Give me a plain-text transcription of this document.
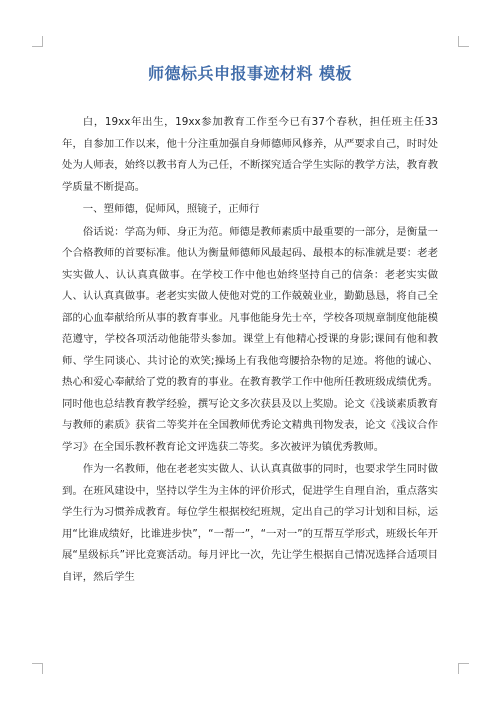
师德标兵申报事迹材料 模板

白，19xx年出生，19xx参加教育工作至今已有37个春秋，担任班主任33年，自参加工作以来，他十分注重加强自身师德师风修养，从严要求自己，时时处处为人师表，始终以教书育人为己任，不断探究适合学生实际的教学方法，教育教学质量不断提高。

一、塑师德，促师风，照镜子，正师行

俗话说：学高为师、身正为范。师德是教师素质中最重要的一部分，是衡量一个合格教师的首要标准。他认为衡量师德师风最起码、最根本的标准就是要：老老实实做人、认认真真做事。在学校工作中他也始终坚持自己的信条：老老实实做人、认认真真做事。老老实实做人使他对党的工作兢兢业业，勤勤恳恳，将自己全部的心血奉献给所从事的教育事业。凡事他能身先士卒，学校各项规章制度他能模范遵守，学校各项活动他能带头参加。课堂上有他精心授课的身影;课间有他和教师、学生同谈心、共讨论的欢笑;操场上有我他弯腰拾杂物的足迹。将他的诚心、热心和爱心奉献给了党的教育的事业。在教育教学工作中他所任教班级成绩优秀。同时他也总结教育教学经验，撰写论文多次获县及以上奖励。论文《浅谈素质教育与教师的素质》获省二等奖并在全国教师优秀论文精典刊物发表，论文《浅议合作学习》在全国乐教杯教育论文评选获二等奖。多次被评为镇优秀教师。

作为一名教师，他在老老实实做人、认认真真做事的同时，也要求学生同时做到。在班风建设中，坚持以学生为主体的评价形式，促进学生自理自治，重点落实学生行为习惯养成教育。每位学生根据校纪班规，定出自己的学习计划和目标，运用“比谁成绩好，比谁进步快”，“一帮一”，“一对一”的互帮互学形式，班级长年开展“星级标兵”评比竞赛活动。每月评比一次，先让学生根据自己情况选择合适项目自评，然后学生
